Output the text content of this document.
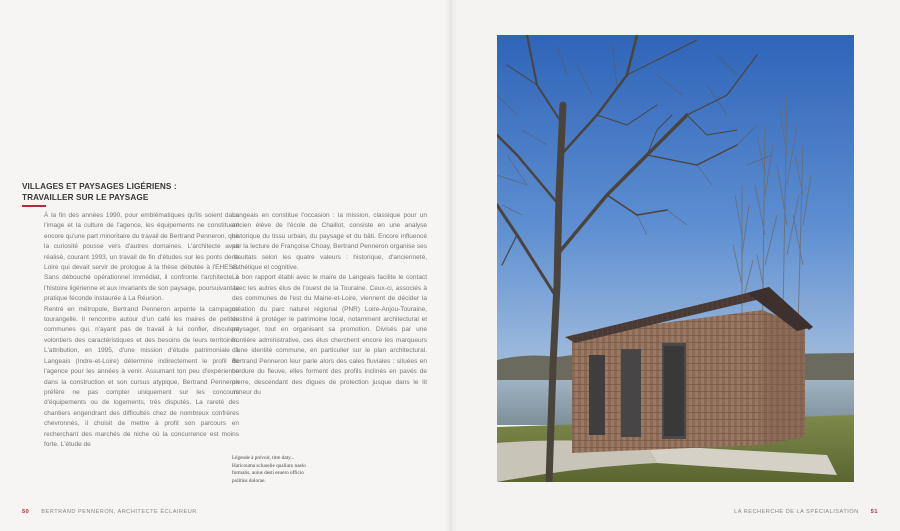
VILLAGES ET PAYSAGES LIGÉRIENS :
TRAVAILLER SUR LE PAYSAGE

À la fin des années 1990, pour emblématiques qu'ils soient dans l'image et la culture de l'agence, les équipements ne constituent encore qu'une part minoritaire du travail de Bertrand Penneron, que la curiosité pousse vers d'autres domaines. L'architecte avait réalisé, courant 1993, un travail de fin d'études sur les ponts de la Loire qui devait servir de prologue à la thèse débutée à l'EHESS. Sans débouché opérationnel immédiat, il confronte l'architecte à l'histoire ligérienne et aux invariants de son paysage, poursuivant la pratique féconde instaurée à La Réunion.

Rentré en métropole, Bertrand Penneron arpente la campagne tourangelle. Il rencontre autour d'un café les maires de petites communes qui, n'ayant pas de travail à lui confier, discutent volontiers des caractéristiques et des besoins de leurs territoires. L'attribution, en 1995, d'une mission d'étude patrimoniale à Langeais (Indre-et-Loire) détermine indirectement le profil de l'agence pour les années à venir. Assumant ton peu d'expérience dans la construction et son cursus atypique, Bertrand Penneron préfère ne pas compter uniquement sur les concours d'équipements ou de logements, très disputés. La rareté des chantiers engendrant des difficultés chez de nombreux confrères chevronnés, il choisit de mettre à profit son parcours en recherchant des marchés de niche où la concurrence est moins forte. L'étude de

Langeais en constitue l'occasion : la mission, classique pour un ancien élève de l'école de Chaillot, consiste en une analyse historique du tissu urbain, du paysage et du bâti. Encore influencé par la lecture de Françoise Choay, Bertrand Penneron organise ses résultats selon les quatre valeurs : historique, d'ancienneté, esthétique et cognitive.

Le bon rapport établi avec le maire de Langeais facilite le contact avec les autres élus de l'ouest de la Touraine. Ceux-ci, associés à des communes de l'est du Maine-et-Loire, viennent de décider la création du parc naturel régional (PNR) Loire-Anjou-Touraine, destiné à protéger le patrimoine local, notamment architectural et paysager, tout en organisant sa promotion. Divisés par une frontière administrative, ces élus cherchent encore les marqueurs d'une identité commune, en particulier sur le plan architectural. Bertrand Penneron leur parle alors des cales fluviales : situées en bordure du fleuve, elles forment des profils inclinés en pavés de pierre, descendant des digues de protection jusque dans le lit mineur du

Légende à prévoir, titre daty... Haricouma scluoelie qualiuro naelo formalis, auius desti esuero officio politius dolorae.
50 BERTRAND PENNERON, ARCHITECTE ÉCLAIREUR	LA RECHERCHE DE LA SPÉCIALISATION 51
